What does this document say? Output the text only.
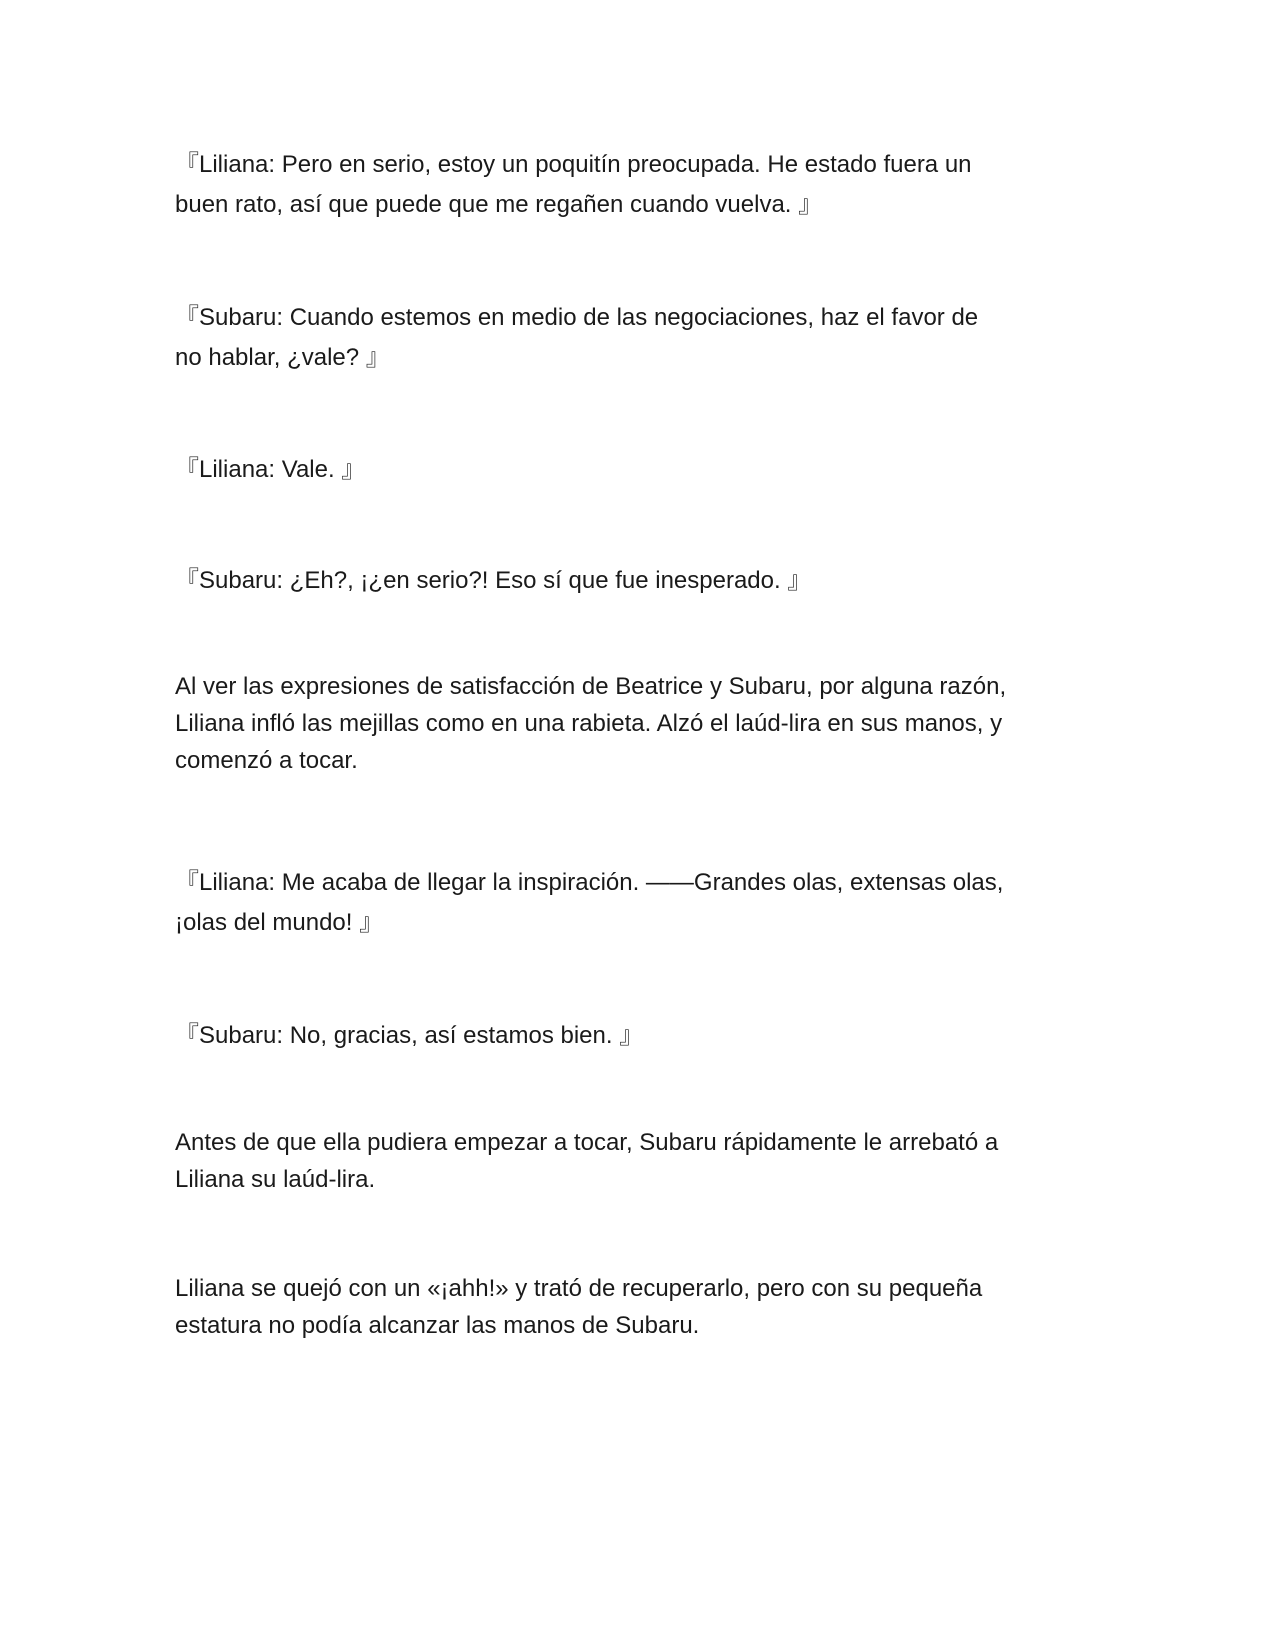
『Liliana: Pero en serio, estoy un poquitín preocupada. He estado fuera un
buen rato, así que puede que me regañen cuando vuelva. 』

『Subaru: Cuando estemos en medio de las negociaciones, haz el favor de
no hablar, ¿vale? 』

『Liliana: Vale. 』

『Subaru: ¿Eh?, ¡¿en serio?! Eso sí que fue inesperado. 』

Al ver las expresiones de satisfacción de Beatrice y Subaru, por alguna razón,
Liliana infló las mejillas como en una rabieta. Alzó el laúd-lira en sus manos, y
comenzó a tocar.

『Liliana: Me acaba de llegar la inspiración. ——Grandes olas, extensas olas,
¡olas del mundo! 』

『Subaru: No, gracias, así estamos bien. 』

Antes de que ella pudiera empezar a tocar, Subaru rápidamente le arrebató a
Liliana su laúd-lira.

Liliana se quejó con un «¡ahh!» y trató de recuperarlo, pero con su pequeña
estatura no podía alcanzar las manos de Subaru.
